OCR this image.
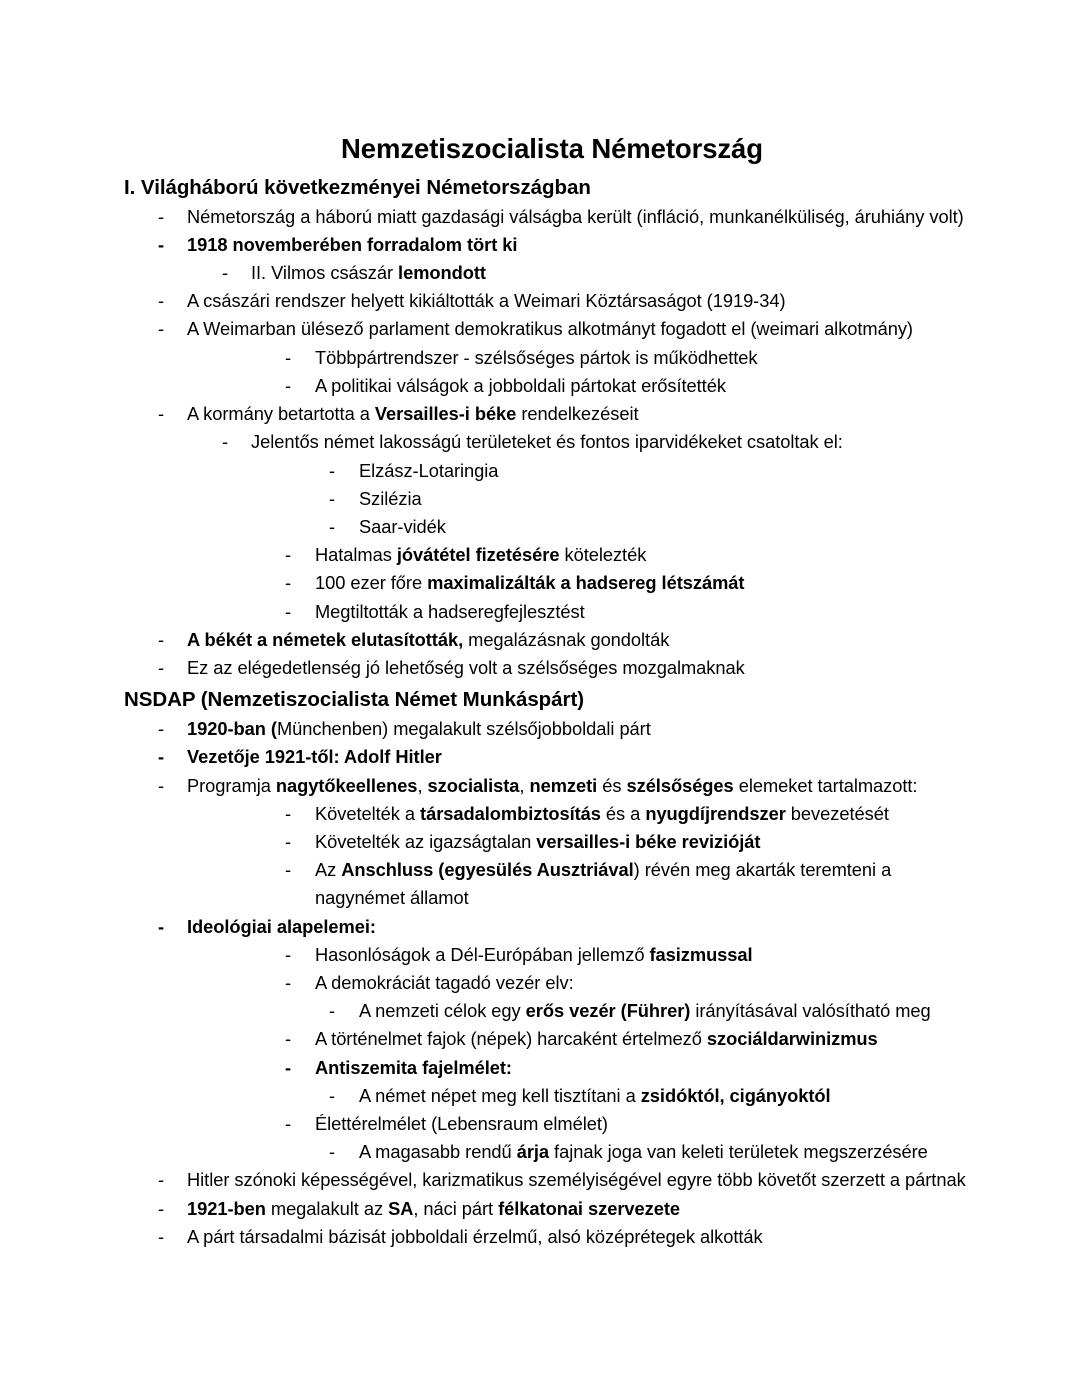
Nemzetiszocialista Németország
I. Világháború következményei Németországban
-	Németország a háború miatt gazdasági válságba került (infláció, munkanélküliség, áruhiány volt)
-	1918 novemberében forradalom tört ki
-	II. Vilmos császár lemondott
-	A császári rendszer helyett kikiáltották a Weimari Köztársaságot (1919-34)
-	A Weimarban ülésező parlament demokratikus alkotmányt fogadott el (weimari alkotmány)
-	Többpártrendszer - szélsőséges pártok is működhettek
-	A politikai válságok a jobboldali pártokat erősítették
-	A kormány betartotta a Versailles-i béke rendelkezéseit
-	Jelentős német lakosságú területeket és fontos iparvidékeket csatoltak el:
-	Elzász-Lotaringia
-	Szilézia
-	Saar-vidék
-	Hatalmas jóvátétel fizetésére kötelezték
-	100 ezer főre maximalizálták a hadsereg létszámát
-	Megtiltották a hadseregfejlesztést
-	A békét a németek elutasították, megalázásnak gondolták
-	Ez az elégedetlenség jó lehetőség volt a szélsőséges mozgalmaknak
NSDAP (Nemzetiszocialista Német Munkáspárt)
-	1920-ban (Münchenben) megalakult szélsőjobboldali párt
-	Vezetője 1921-től: Adolf Hitler
-	Programja nagytőkeellenes, szocialista, nemzeti és szélsőséges elemeket tartalmazott:
-	Követelték a társadalombiztosítás és a nyugdíjrendszer bevezetését
-	Követelték az igazságtalan versailles-i béke revizióját
-	Az Anschluss (egyesülés Ausztriával) révén meg akarták teremteni a nagynémet államot
-	Ideológiai alapelemei:
-	Hasonlóságok a Dél-Európában jellemző fasizmussal
-	A demokráciát tagadó vezér elv:
-	A nemzeti célok egy erős vezér (Führer) irányításával valósítható meg
-	A történelmet fajok (népek) harcaként értelmező szociáldarwinizmus
-	Antiszemita fajelmélet:
-	A német népet meg kell tisztítani a zsidóktól, cigányoktól
-	Élettérelmélet (Lebensraum elmélet)
-	A magasabb rendű árja fajnak joga van keleti területek megszerzésére
-	Hitler szónoki képességével, karizmatikus személyiségével egyre több követőt szerzett a pártnak
-	1921-ben megalakult az SA, náci párt félkatonai szervezete
-	A párt társadalmi bázisát jobboldali érzelmű, alsó középrétegek alkották
